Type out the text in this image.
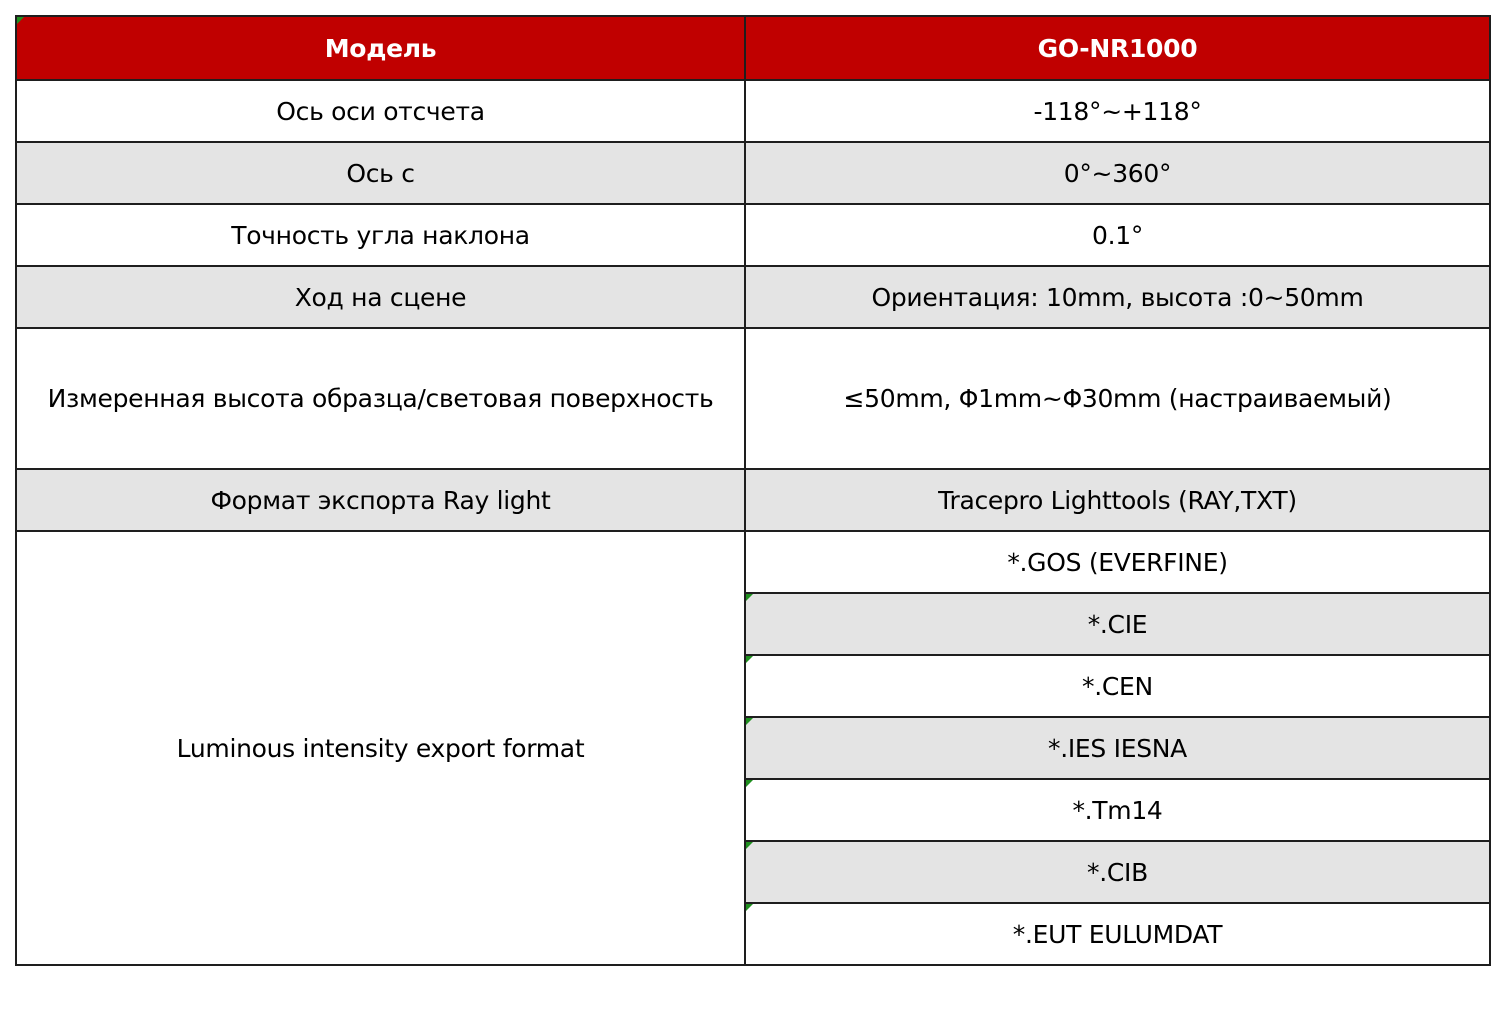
Модель	GO-NR1000
Ось оси отсчета	-118°~+118°
Ось с	0°~360°
Точность угла наклона	0.1°
Ход на сцене	Ориентация: 10mm, высота :0~50mm
Измеренная высота образца/световая поверхность	≤50mm, Φ1mm~Φ30mm (настраиваемый)
Формат экспорта Ray light	Tracepro Lighttools (RAY,TXT)
Luminous intensity export format	*.GOS (EVERFINE)
	*.CIE
	*.CEN
	*.IES IESNA
	*.Tm14
	*.CIB
	*.EUT EULUMDAT
